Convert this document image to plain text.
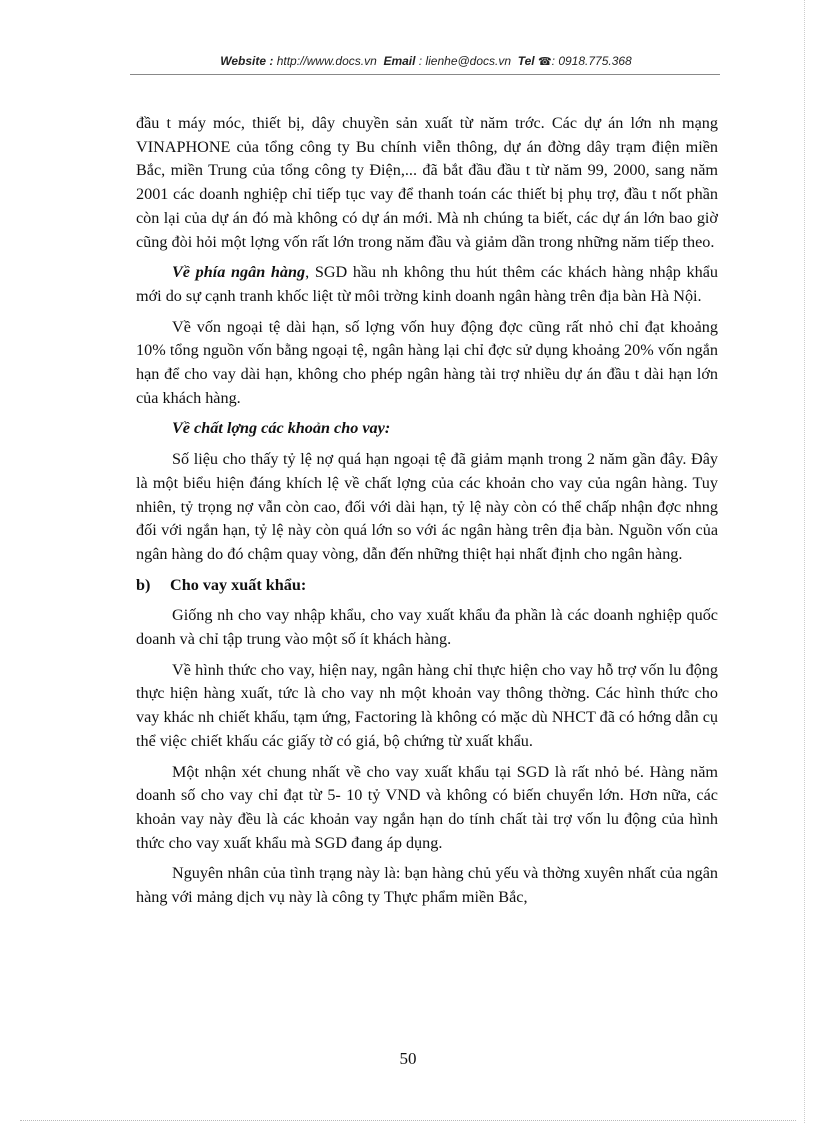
Website : http://www.docs.vn Email : lienhe@docs.vn Tel ☎: 0918.775.368

đầu t máy móc, thiết bị, dây chuyền sản xuất từ năm trớc. Các dự án lớn nh mạng VINAPHONE của tổng công ty Bu chính viễn thông, dự án đờng dây trạm điện miền Bắc, miền Trung của tổng công ty Điện,... đã bắt đầu đầu t từ năm 99, 2000, sang năm 2001 các doanh nghiệp chỉ tiếp tục vay để thanh toán các thiết bị phụ trợ, đầu t nốt phần còn lại của dự án đó mà không có dự án mới. Mà nh chúng ta biết, các dự án lớn bao giờ cũng đòi hỏi một lợng vốn rất lớn trong năm đầu và giảm dần trong những năm tiếp theo.

Về phía ngân hàng, SGD hầu nh không thu hút thêm các khách hàng nhập khẩu mới do sự cạnh tranh khốc liệt từ môi trờng kinh doanh ngân hàng trên địa bàn Hà Nội.

Về vốn ngoại tệ dài hạn, số lợng vốn huy động đợc cũng rất nhỏ chỉ đạt khoảng 10% tổng nguồn vốn bằng ngoại tệ, ngân hàng lại chỉ đợc sử dụng khoảng 20% vốn ngắn hạn để cho vay dài hạn, không cho phép ngân hàng tài trợ nhiều dự án đầu t dài hạn lớn của khách hàng.

Về chất lợng các khoản cho vay:

Số liệu cho thấy tỷ lệ nợ quá hạn ngoại tệ đã giảm mạnh trong 2 năm gần đây. Đây là một biểu hiện đáng khích lệ về chất lợng của các khoản cho vay của ngân hàng. Tuy nhiên, tỷ trọng nợ vẫn còn cao, đối với dài hạn, tỷ lệ này còn có thể chấp nhận đợc nhng đối với ngắn hạn, tỷ lệ này còn quá lớn so với ác ngân hàng trên địa bàn. Nguồn vốn của ngân hàng do đó chậm quay vòng, dẫn đến những thiệt hại nhất định cho ngân hàng.

b) Cho vay xuất khẩu:

Giống nh cho vay nhập khẩu, cho vay xuất khẩu đa phần là các doanh nghiệp quốc doanh và chỉ tập trung vào một số ít khách hàng.

Về hình thức cho vay, hiện nay, ngân hàng chỉ thực hiện cho vay hỗ trợ vốn lu động thực hiện hàng xuất, tức là cho vay nh một khoản vay thông thờng. Các hình thức cho vay khác nh chiết khấu, tạm ứng, Factoring là không có mặc dù NHCT đã có hớng dẫn cụ thể việc chiết khấu các giấy tờ có giá, bộ chứng từ xuất khẩu.

Một nhận xét chung nhất về cho vay xuất khẩu tại SGD là rất nhỏ bé. Hàng năm doanh số cho vay chỉ đạt từ 5- 10 tỷ VND và không có biến chuyển lớn. Hơn nữa, các khoản vay này đều là các khoản vay ngắn hạn do tính chất tài trợ vốn lu động của hình thức cho vay xuất khẩu mà SGD đang áp dụng.

Nguyên nhân của tình trạng này là: bạn hàng chủ yếu và thờng xuyên nhất của ngân hàng với mảng dịch vụ này là công ty Thực phẩm miền Bắc,

50
